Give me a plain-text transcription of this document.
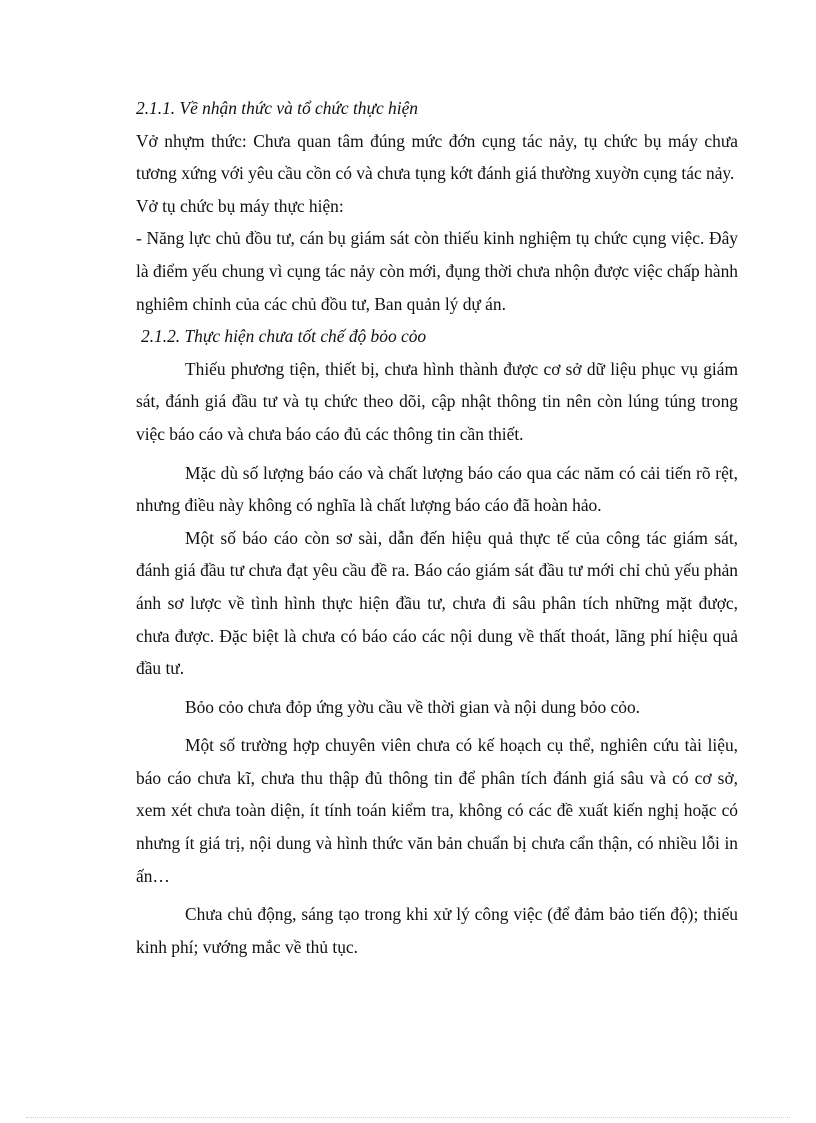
2.1.1. Về nhận thức và tổ chức thực hiện

Vở nhựm thức: Chưa quan tâm đúng mức đớn cụng tác nảy, tụ chức bụ máy chưa tương xứng với yêu cầu cồn có và chưa tụng kớt đánh giá thường xuyờn cụng tác nảy.

Vở tụ chức bụ máy thực hiện:

- Năng lực chủ đồu tư, cán bụ giám sát còn thiếu kinh nghiệm tụ chức cụng việc. Đây là điểm yếu chung vì cụng tác nảy còn mới, đụng thời chưa nhộn được việc chấp hành nghiêm chỉnh của các chủ đồu tư, Ban quản lý dự án.

2.1.2. Thực hiện chưa tốt chế độ bỏo cỏo

Thiếu phương tiện, thiết bị, chưa hình thành được cơ sở dữ liệu phục vụ giám sát, đánh giá đầu tư và tụ chức theo dõi, cập nhật thông tin nên còn lúng túng trong việc báo cáo và chưa báo cáo đủ các thông tin cần thiết.

Mặc dù số lượng báo cáo và chất lượng báo cáo qua các năm có cải tiến rõ rệt, nhưng điều này không có nghĩa là chất lượng báo cáo đã hoàn hảo.

Một số báo cáo còn sơ sài, dẫn đến hiệu quả thực tế của công tác giám sát, đánh giá đầu tư chưa đạt yêu cầu đề ra. Báo cáo giám sát đầu tư mới chỉ chủ yếu phản ánh sơ lược về tình hình thực hiện đầu tư, chưa đi sâu phân tích những mặt được, chưa được. Đặc biệt là chưa có báo cáo các nội dung về thất thoát, lãng phí hiệu quả đầu tư.

Bỏo cỏo chưa đỏp ứng yờu cầu về thời gian và nội dung bỏo cỏo.

Một số trường hợp chuyên viên chưa có kế hoạch cụ thể, nghiên cứu tài liệu, báo cáo chưa kĩ, chưa thu thập đủ thông tin để phân tích đánh giá sâu và có cơ sở, xem xét chưa toàn diện, ít tính toán kiểm tra, không có các đề xuất kiến nghị hoặc có nhưng ít giá trị, nội dung và hình thức văn bản chuẩn bị chưa cẩn thận, có nhiều lỗi in ấn…

Chưa chủ động, sáng tạo trong khi xử lý công việc (để đảm bảo tiến độ); thiếu kinh phí; vướng mắc về thủ tục.
